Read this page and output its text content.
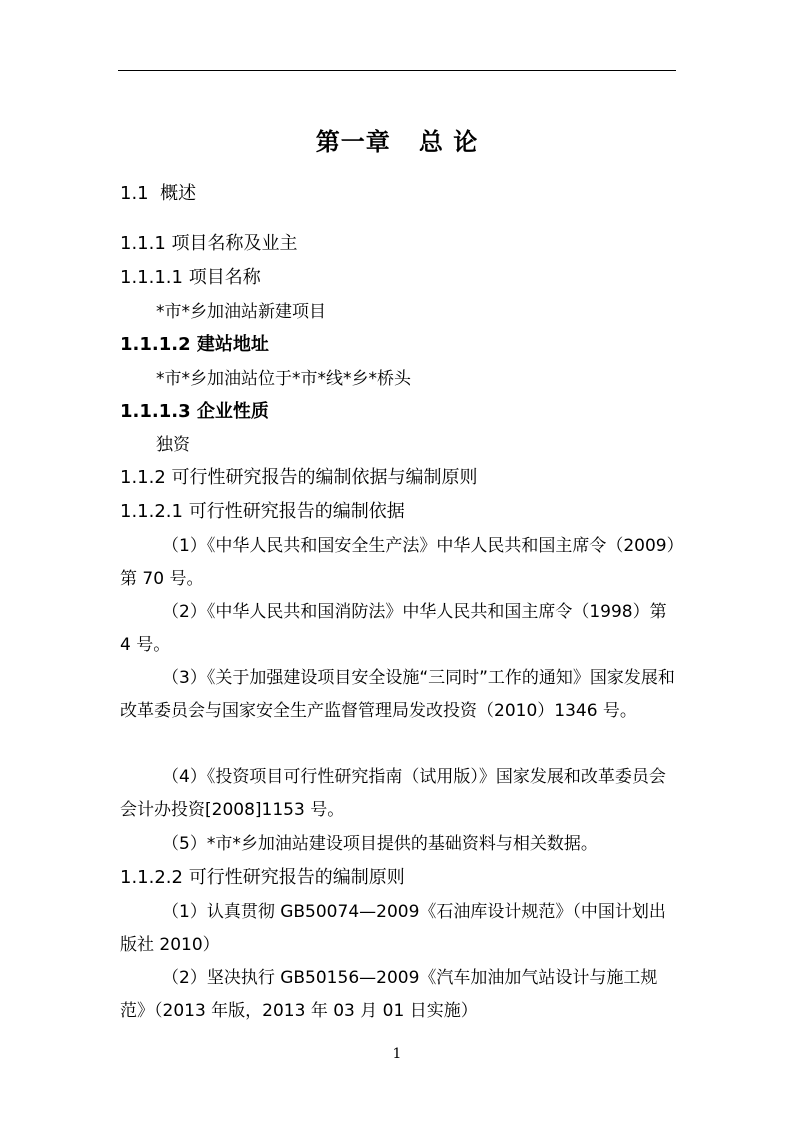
第一章   总 论
1.1  概述
1.1.1 项目名称及业主
1.1.1.1 项目名称
*市*乡加油站新建项目
1.1.1.2 建站地址
*市*乡加油站位于*市*线*乡*桥头
1.1.1.3 企业性质
独资
1.1.2 可行性研究报告的编制依据与编制原则
1.1.2.1 可行性研究报告的编制依据
（1）《中华人民共和国安全生产法》中华人民共和国主席令（2009）第 70 号。
（2）《中华人民共和国消防法》中华人民共和国主席令（1998）第 4 号。
（3）《关于加强建设项目安全设施“三同时”工作的通知》国家发展和改革委员会与国家安全生产监督管理局发改投资（2010）1346 号。
（4）《投资项目可行性研究指南（试用版）》国家发展和改革委员会会计办投资[2008]1153 号。
（5）*市*乡加油站建设项目提供的基础资料与相关数据。
1.1.2.2 可行性研究报告的编制原则
（1）认真贯彻 GB50074—2009《石油库设计规范》（中国计划出版社 2010）
（2）坚决执行 GB50156—2009《汽车加油加气站设计与施工规范》（2013 年版，2013 年 03 月 01 日实施）
1
